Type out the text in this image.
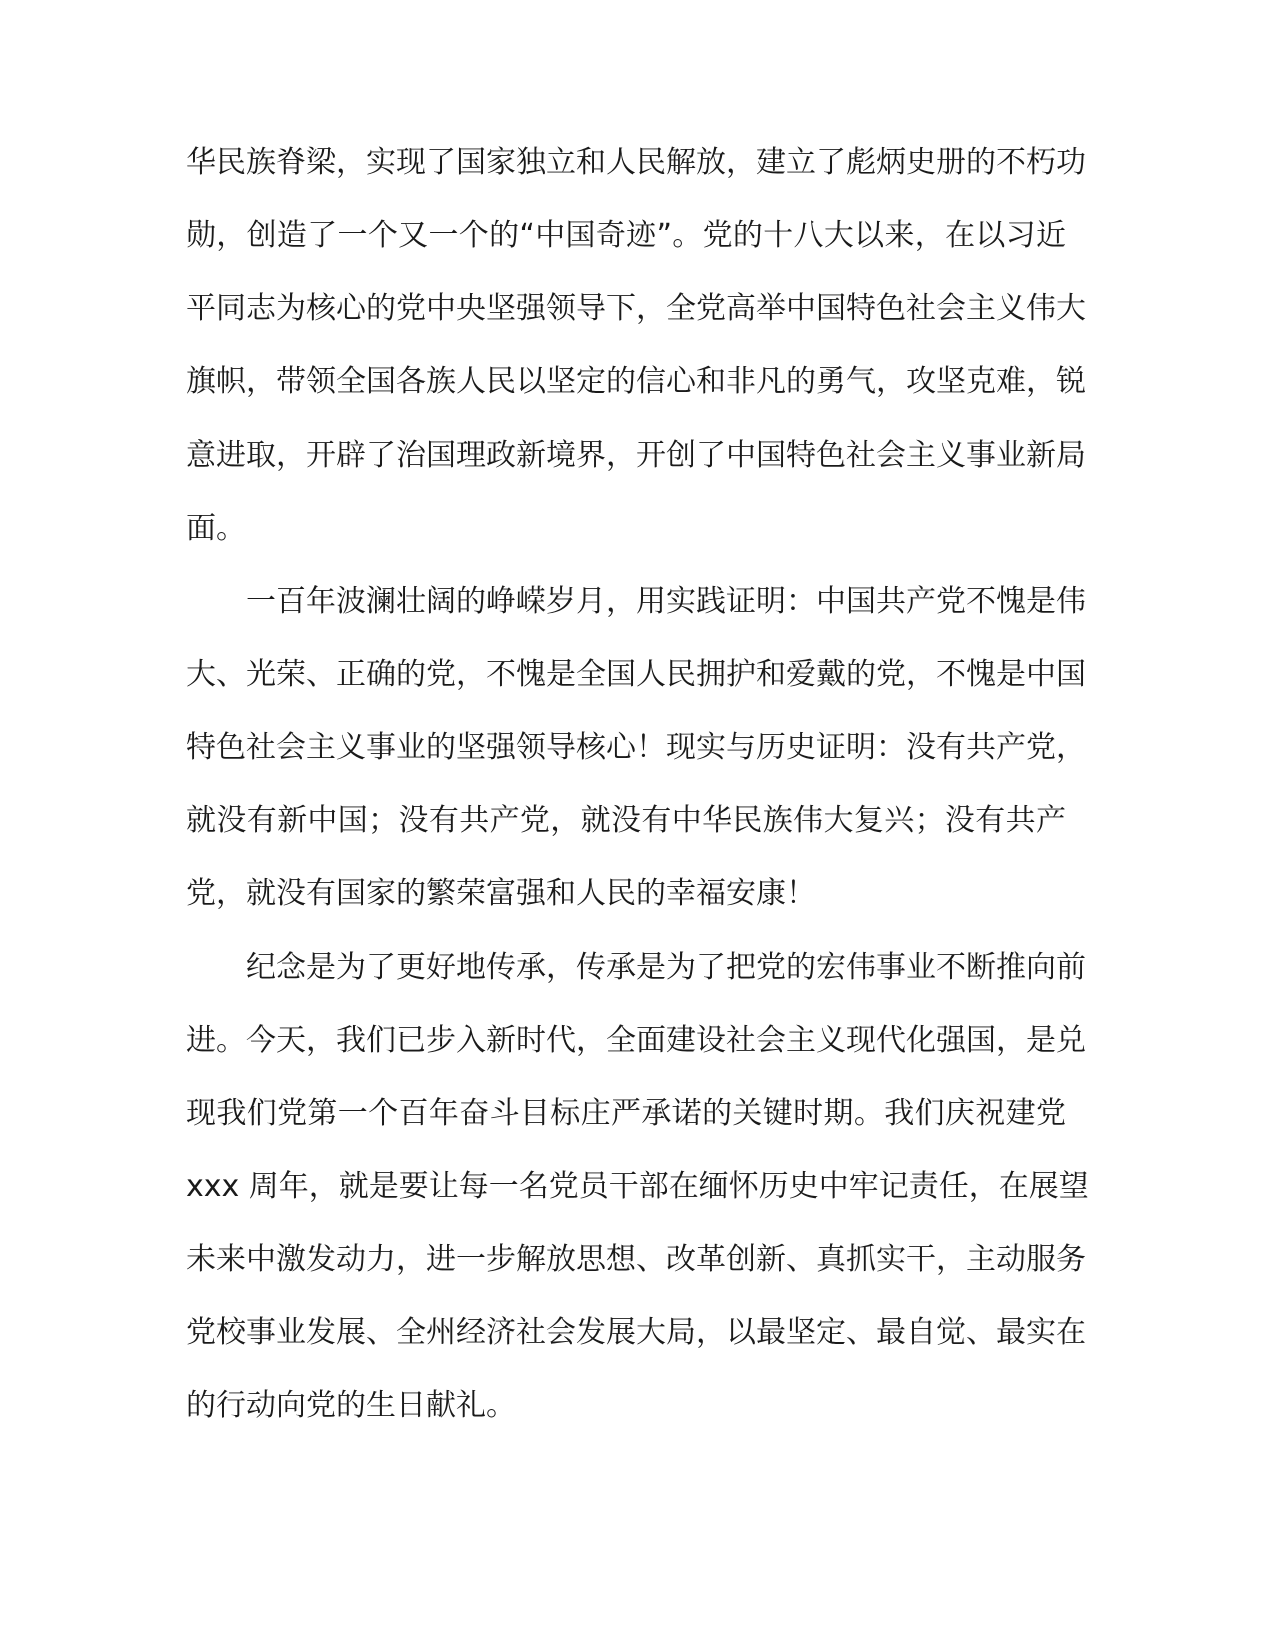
华民族脊梁，实现了国家独立和人民解放，建立了彪炳史册的不朽功
勋，创造了一个又一个的“中国奇迹”。党的十八大以来，在以习近
平同志为核心的党中央坚强领导下，全党高举中国特色社会主义伟大
旗帜，带领全国各族人民以坚定的信心和非凡的勇气，攻坚克难，锐
意进取，开辟了治国理政新境界，开创了中国特色社会主义事业新局
面。
一百年波澜壮阔的峥嵘岁月，用实践证明：中国共产党不愧是伟
大、光荣、正确的党，不愧是全国人民拥护和爱戴的党，不愧是中国
特色社会主义事业的坚强领导核心！现实与历史证明：没有共产党，
就没有新中国；没有共产党，就没有中华民族伟大复兴；没有共产
党，就没有国家的繁荣富强和人民的幸福安康！
纪念是为了更好地传承，传承是为了把党的宏伟事业不断推向前
进。今天，我们已步入新时代，全面建设社会主义现代化强国，是兑
现我们党第一个百年奋斗目标庄严承诺的关键时期。我们庆祝建党
xxx 周年，就是要让每一名党员干部在缅怀历史中牢记责任，在展望
未来中激发动力，进一步解放思想、改革创新、真抓实干，主动服务
党校事业发展、全州经济社会发展大局，以最坚定、最自觉、最实在
的行动向党的生日献礼。
